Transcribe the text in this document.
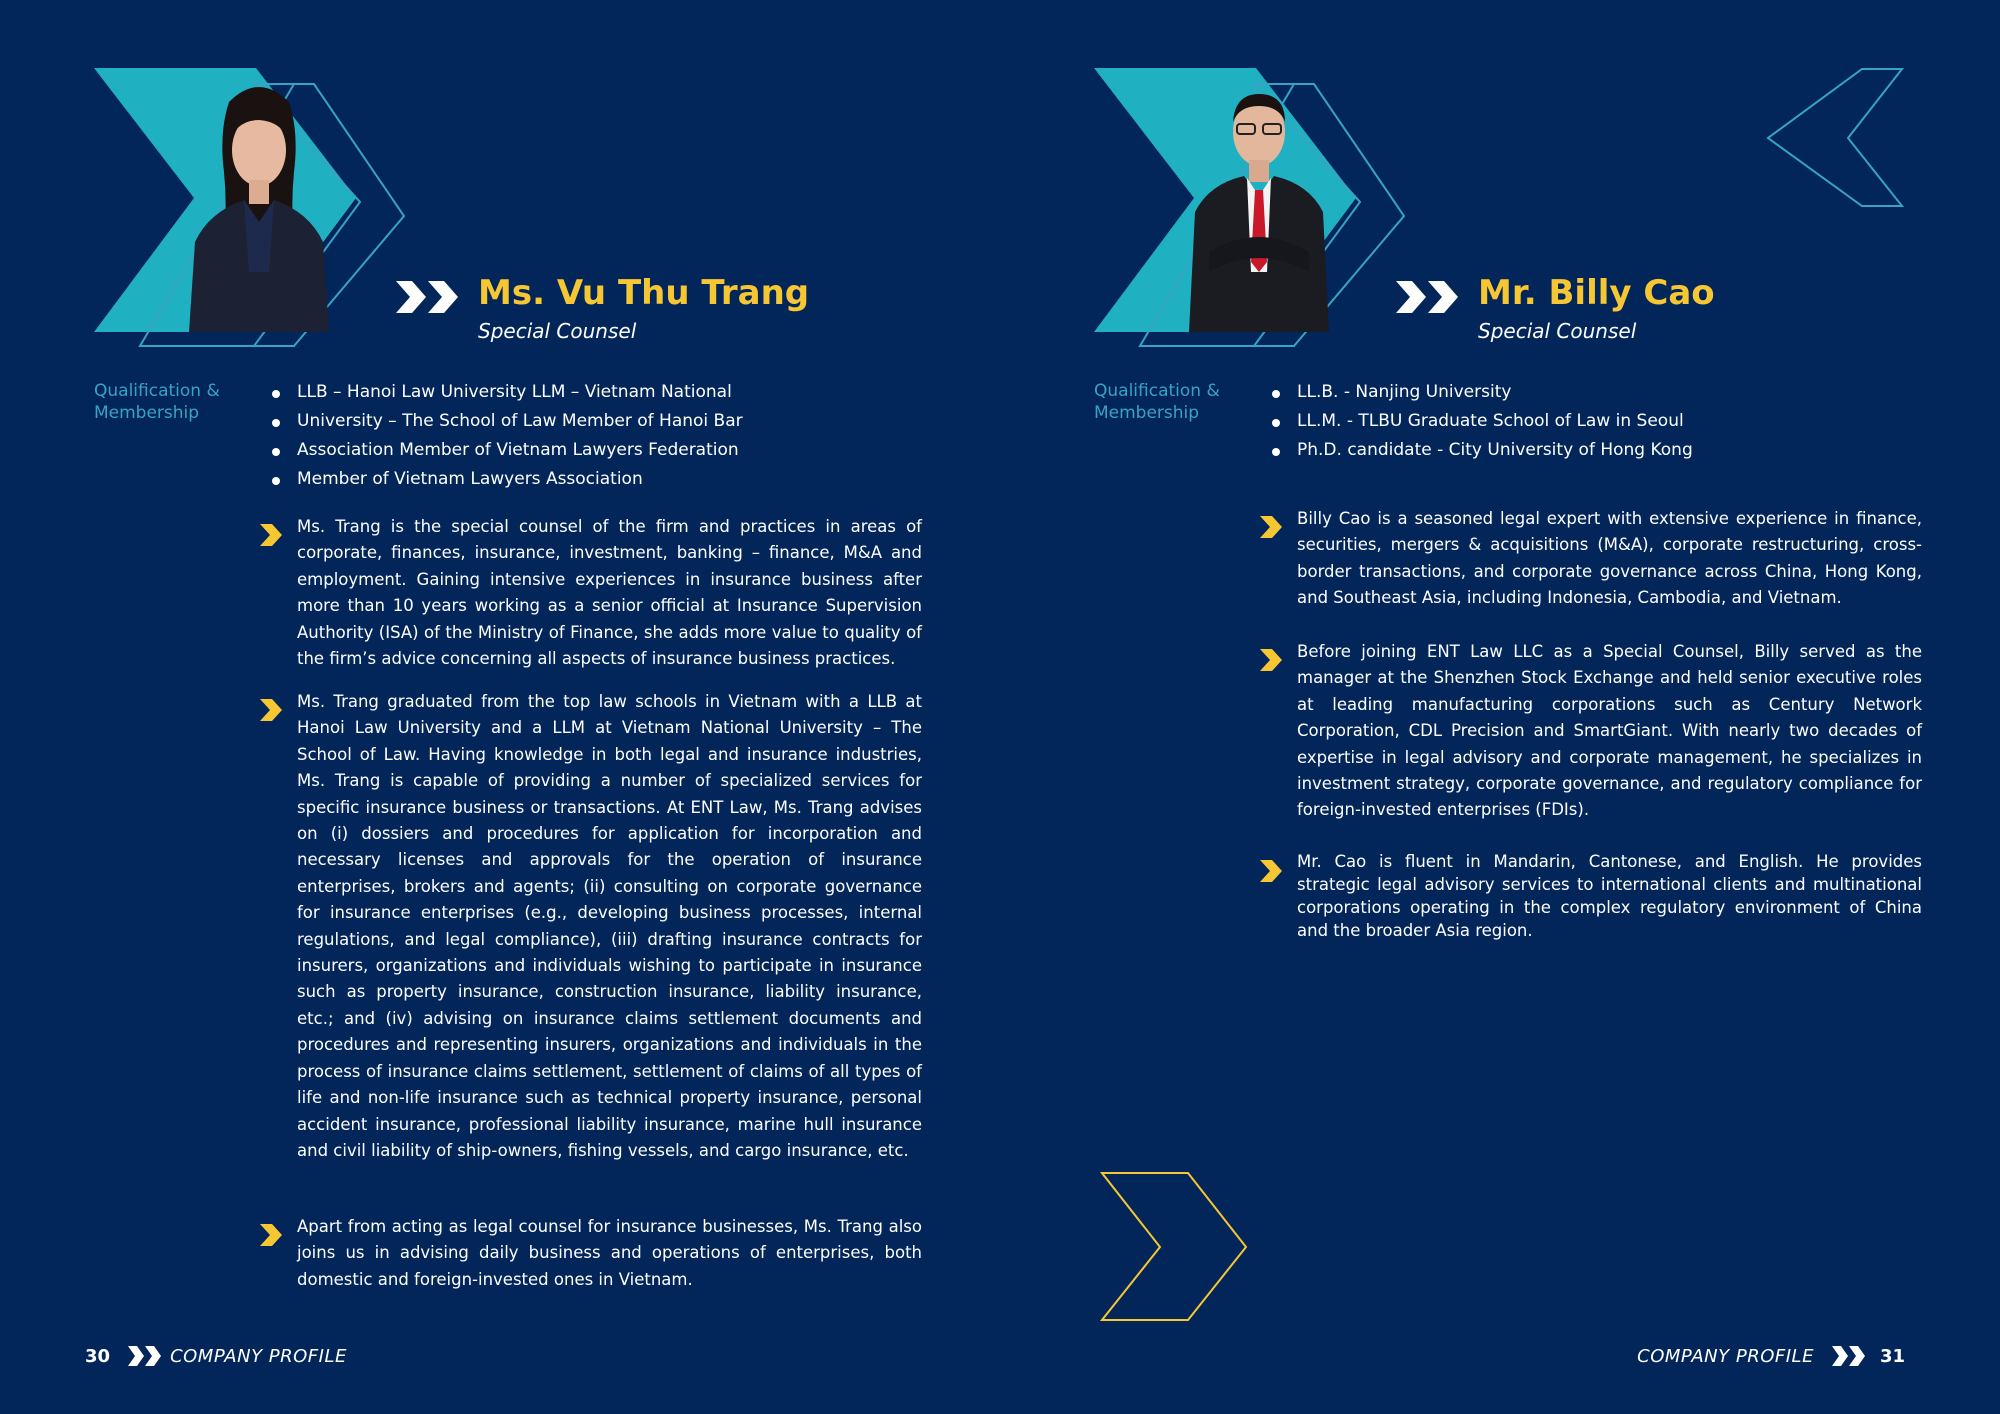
Ms. Vu Thu Trang
Special Counsel
Qualification & Membership
LLB – Hanoi Law University LLM – Vietnam National
University – The School of Law Member of Hanoi Bar
Association Member of Vietnam Lawyers Federation
Member of Vietnam Lawyers Association

Ms. Trang is the special counsel of the firm and practices in areas of corporate, finances, insurance, investment, banking – finance, M&A and employment. Gaining intensive experiences in insurance business after more than 10 years working as a senior official at Insurance Supervision Authority (ISA) of the Ministry of Finance, she adds more value to quality of the firm’s advice concerning all aspects of insurance business practices.

Ms. Trang graduated from the top law schools in Vietnam with a LLB at Hanoi Law University and a LLM at Vietnam National University – The School of Law. Having knowledge in both legal and insurance industries, Ms. Trang is capable of providing a number of specialized services for specific insurance business or transactions. At ENT Law, Ms. Trang advises on (i) dossiers and procedures for application for incorporation and necessary licenses and approvals for the operation of insurance enterprises, brokers and agents; (ii) consulting on corporate governance for insurance enterprises (e.g., developing business processes, internal regulations, and legal compliance), (iii) drafting insurance contracts for insurers, organizations and individuals wishing to participate in insurance such as property insurance, construction insurance, liability insurance, etc.; and (iv) advising on insurance claims settlement documents and procedures and representing insurers, organizations and individuals in the process of insurance claims settlement, settlement of claims of all types of life and non-life insurance such as technical property insurance, personal accident insurance, professional liability insurance, marine hull insurance and civil liability of ship-owners, fishing vessels, and cargo insurance, etc.

Apart from acting as legal counsel for insurance businesses, Ms. Trang also joins us in advising daily business and operations of enterprises, both domestic and foreign-invested ones in Vietnam.

30	COMPANY PROFILE
Mr. Billy Cao
Special Counsel
Qualification & Membership
LL.B. - Nanjing University
LL.M. - TLBU Graduate School of Law in Seoul
Ph.D. candidate - City University of Hong Kong

Billy Cao is a seasoned legal expert with extensive experience in finance, securities, mergers & acquisitions (M&A), corporate restructuring, cross-border transactions, and corporate governance across China, Hong Kong, and Southeast Asia, including Indonesia, Cambodia, and Vietnam.

Before joining ENT Law LLC as a Special Counsel, Billy served as the manager at the Shenzhen Stock Exchange and held senior executive roles at leading manufacturing corporations such as Century Network Corporation, CDL Precision and SmartGiant. With nearly two decades of expertise in legal advisory and corporate management, he specializes in investment strategy, corporate governance, and regulatory compliance for foreign-invested enterprises (FDIs).

Mr. Cao is fluent in Mandarin, Cantonese, and English. He provides strategic legal advisory services to international clients and multinational corporations operating in the complex regulatory environment of China and the broader Asia region.

COMPANY PROFILE	31
